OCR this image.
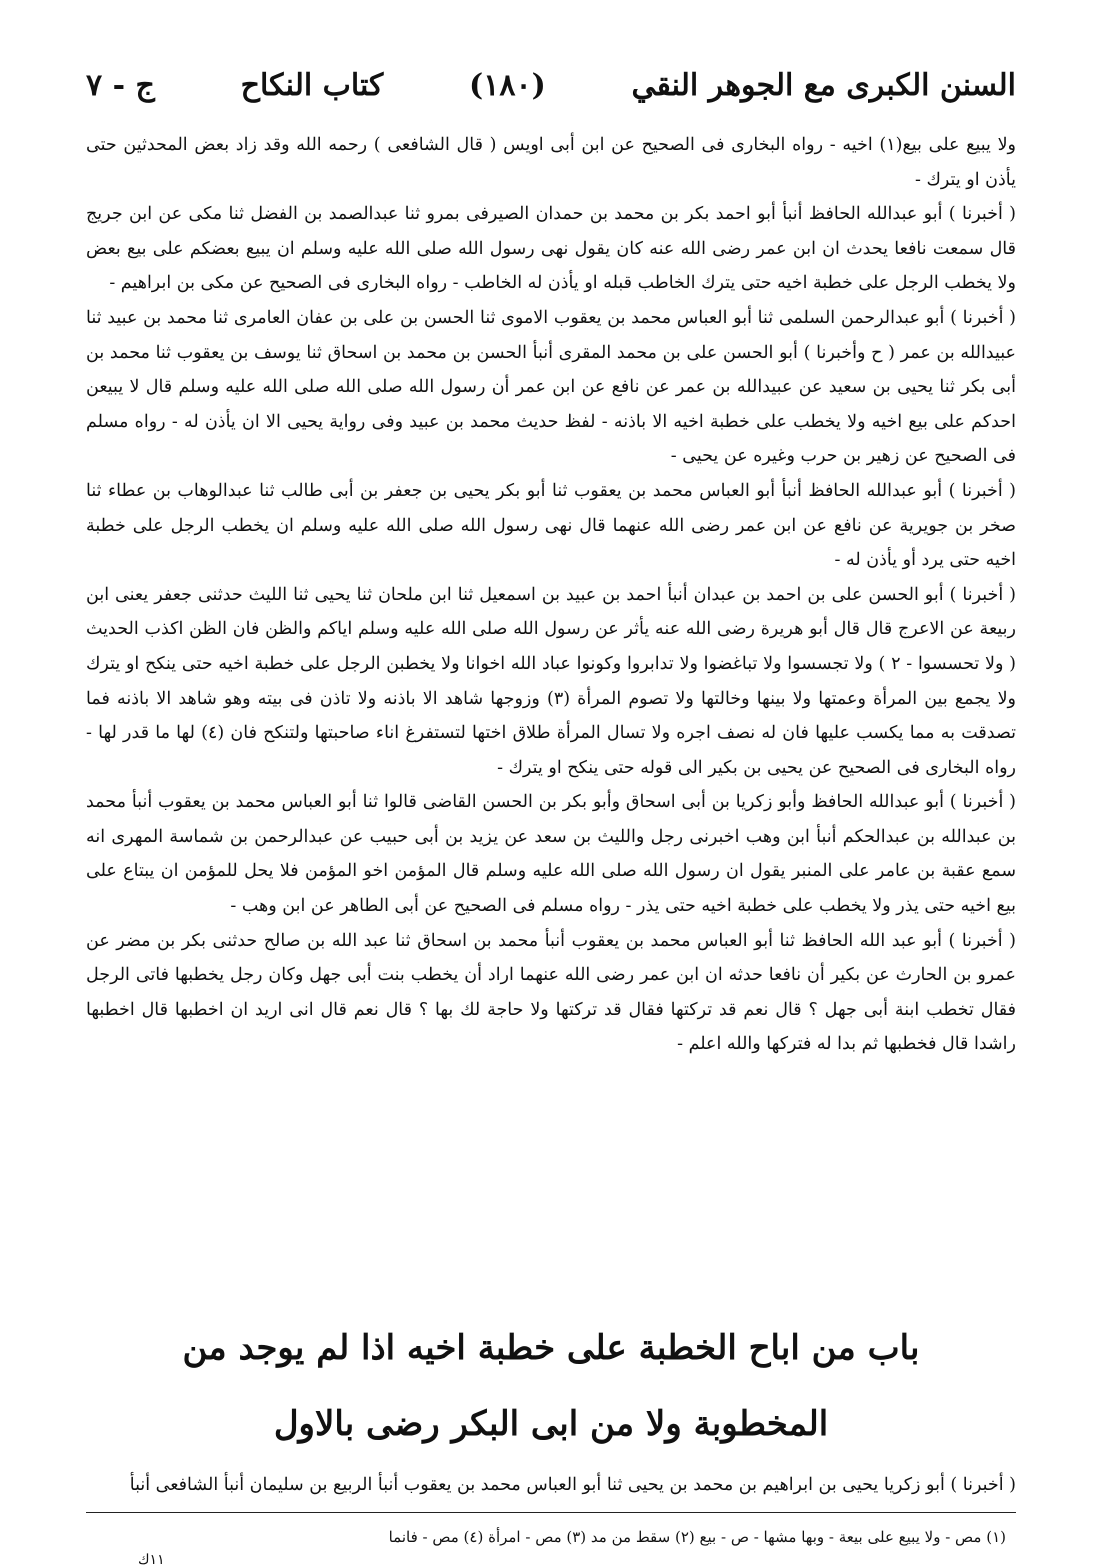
السنن الكبرى مع الجوهر النقي
(١٨٠)
كتاب النكاح
ج - ٧

ولا يبيع على بيع(١) اخيه - رواه البخارى فى الصحيح عن ابن أبى اويس ( قال الشافعى ) رحمه الله وقد زاد بعض المحدثين حتى يأذن او يترك -

( أخبرنا ) أبو عبدالله الحافظ أنبأ أبو احمد بكر بن محمد بن حمدان الصيرفى بمرو ثنا عبدالصمد بن الفضل ثنا مكى عن ابن جريج قال سمعت نافعا يحدث ان ابن عمر رضى الله عنه كان يقول نهى رسول الله صلى الله عليه وسلم ان يبيع بعضكم على بيع بعض ولا يخطب الرجل على خطبة اخيه حتى يترك الخاطب قبله او يأذن له الخاطب - رواه البخارى فى الصحيح عن مكى بن ابراهيم -

( أخبرنا ) أبو عبدالرحمن السلمى ثنا أبو العباس محمد بن يعقوب الاموى ثنا الحسن بن على بن عفان العامرى ثنا محمد بن عبيد ثنا عبيدالله بن عمر ( ح وأخبرنا ) أبو الحسن على بن محمد المقرى أنبأ الحسن بن محمد بن اسحاق ثنا يوسف بن يعقوب ثنا محمد بن أبى بكر ثنا يحيى بن سعيد عن عبيدالله بن عمر عن نافع عن ابن عمر أن رسول الله صلى الله صلى الله عليه وسلم قال لا يبيعن احدكم على بيع اخيه ولا يخطب على خطبة اخيه الا باذنه - لفظ حديث محمد بن عبيد وفى رواية يحيى الا ان يأذن له - رواه مسلم فى الصحيح عن زهير بن حرب وغيره عن يحيى -

( أخبرنا ) أبو عبدالله الحافظ أنبأ أبو العباس محمد بن يعقوب ثنا أبو بكر يحيى بن جعفر بن أبى طالب ثنا عبدالوهاب بن عطاء ثنا صخر بن جويرية عن نافع عن ابن عمر رضى الله عنهما قال نهى رسول الله صلى الله عليه وسلم ان يخطب الرجل على خطبة اخيه حتى يرد أو يأذن له -

( أخبرنا ) أبو الحسن على بن احمد بن عبدان أنبأ احمد بن عبيد بن اسمعيل ثنا ابن ملحان ثنا يحيى ثنا الليث حدثنى جعفر يعنى ابن ربيعة عن الاعرج قال قال أبو هريرة رضى الله عنه يأثر عن رسول الله صلى الله عليه وسلم اياكم والظن فان الظن اكذب الحديث ( ولا تحسسوا - ٢ ) ولا تجسسوا ولا تباغضوا ولا تدابروا وكونوا عباد الله اخوانا ولا يخطبن الرجل على خطبة اخيه حتى ينكح او يترك ولا يجمع بين المرأة وعمتها ولا بينها وخالتها ولا تصوم المرأة (٣) وزوجها شاهد الا باذنه ولا تاذن فى بيته وهو شاهد الا باذنه فما تصدقت به مما يكسب عليها فان له نصف اجره ولا تسال المرأة طلاق اختها لتستفرغ اناء صاحبتها ولتنكح فان (٤) لها ما قدر لها - رواه البخارى فى الصحيح عن يحيى بن بكير الى قوله حتى ينكح او يترك -

( أخبرنا ) أبو عبدالله الحافظ وأبو زكريا بن أبى اسحاق وأبو بكر بن الحسن القاضى قالوا ثنا أبو العباس محمد بن يعقوب أنبأ محمد بن عبدالله بن عبدالحكم أنبأ ابن وهب اخبرنى رجل والليث بن سعد عن يزيد بن أبى حبيب عن عبدالرحمن بن شماسة المهرى انه سمع عقبة بن عامر على المنبر يقول ان رسول الله صلى الله عليه وسلم قال المؤمن اخو المؤمن فلا يحل للمؤمن ان يبتاع على بيع اخيه حتى يذر ولا يخطب على خطبة اخيه حتى يذر - رواه مسلم فى الصحيح عن أبى الطاهر عن ابن وهب -

( أخبرنا ) أبو عبد الله الحافظ ثنا أبو العباس محمد بن يعقوب أنبأ محمد بن اسحاق ثنا عبد الله بن صالح حدثنى بكر بن مضر عن عمرو بن الحارث عن بكير أن نافعا حدثه ان ابن عمر رضى الله عنهما اراد أن يخطب بنت أبى جهل وكان رجل يخطبها فاتى الرجل فقال تخطب ابنة أبى جهل ؟ قال نعم قد تركتها فقال قد تركتها ولا حاجة لك بها ؟ قال نعم قال انى اريد ان اخطبها قال اخطبها راشدا قال فخطبها ثم بدا له فتركها والله اعلم -

باب من اباح الخطبة على خطبة اخيه اذا لم يوجد من
المخطوبة ولا من ابى البكر رضى بالاول
( أخبرنا ) أبو زكريا يحيى بن ابراهيم بن محمد بن يحيى ثنا أبو العباس محمد بن يعقوب أنبأ الربيع بن سليمان أنبأ الشافعى أنبأ
(١) مص - ولا يبيع على بيعة - وبها مشها - ص - بيع (٢) سقط من مد (٣) مص - امرأة (٤) مص - فانما
١١ك
